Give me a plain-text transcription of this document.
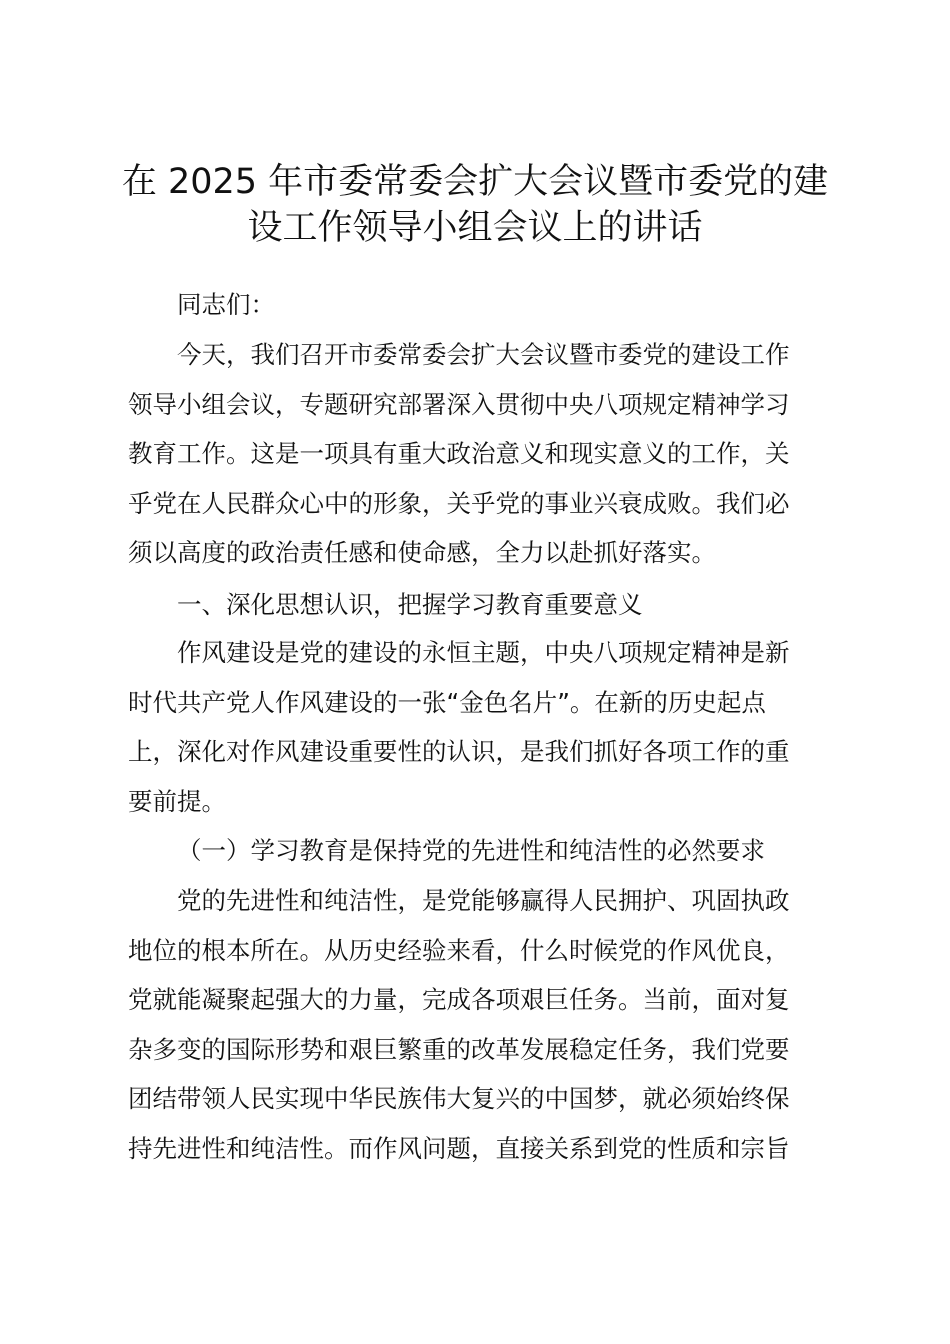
在 2025 年市委常委会扩大会议暨市委党的建
设工作领导小组会议上的讲话
同志们：
今天，我们召开市委常委会扩大会议暨市委党的建设工作
领导小组会议，专题研究部署深入贯彻中央八项规定精神学习
教育工作。这是一项具有重大政治意义和现实意义的工作，关
乎党在人民群众心中的形象，关乎党的事业兴衰成败。我们必
须以高度的政治责任感和使命感，全力以赴抓好落实。
一、深化思想认识，把握学习教育重要意义
作风建设是党的建设的永恒主题，中央八项规定精神是新
时代共产党人作风建设的一张“金色名片”。在新的历史起点
上，深化对作风建设重要性的认识，是我们抓好各项工作的重
要前提。
（一）学习教育是保持党的先进性和纯洁性的必然要求
党的先进性和纯洁性，是党能够赢得人民拥护、巩固执政
地位的根本所在。从历史经验来看，什么时候党的作风优良，
党就能凝聚起强大的力量，完成各项艰巨任务。当前，面对复
杂多变的国际形势和艰巨繁重的改革发展稳定任务，我们党要
团结带领人民实现中华民族伟大复兴的中国梦，就必须始终保
持先进性和纯洁性。而作风问题，直接关系到党的性质和宗旨
